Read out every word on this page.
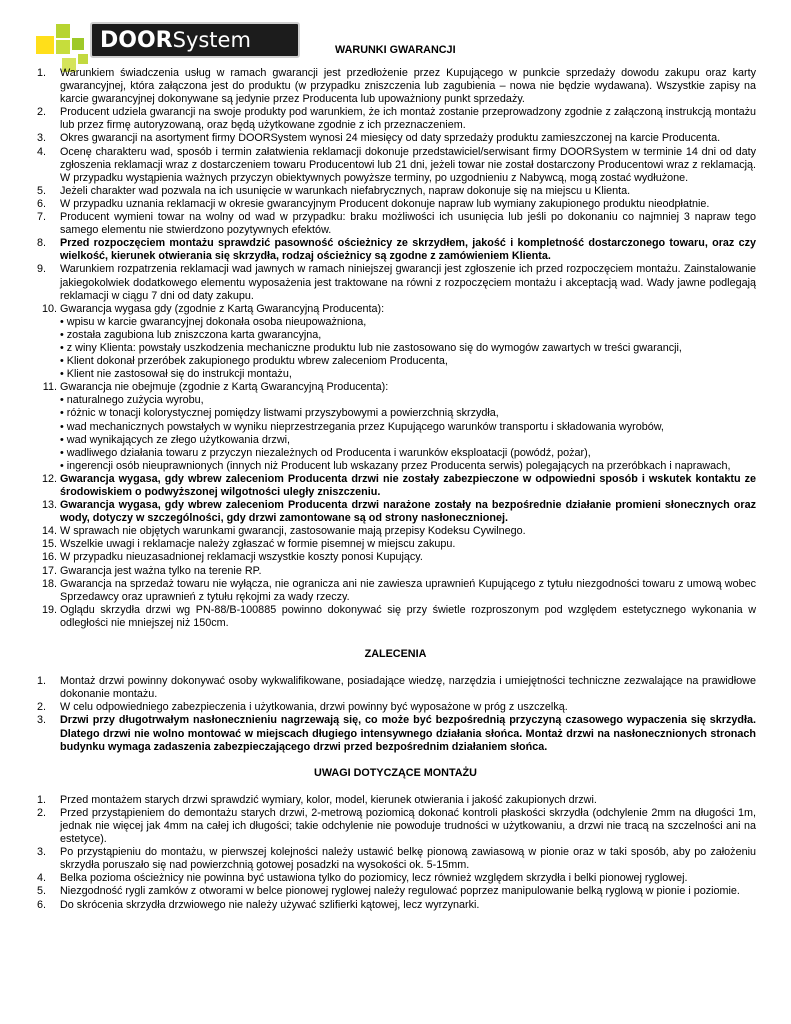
DOOR System	WARUNKI GWARANCJI
1.	Warunkiem świadczenia usług w ramach gwarancji jest przedłożenie przez Kupującego w punkcie sprzedaży dowodu zakupu oraz karty gwarancyjnej, która załączona jest do produktu (w przypadku zniszczenia lub zagubienia – nowa nie będzie wydawana). Wszystkie zapisy na karcie gwarancyjnej dokonywane są jedynie przez Producenta lub upoważniony punkt sprzedaży.
2.	Producent udziela gwarancji na swoje produkty pod warunkiem, że ich montaż zostanie przeprowadzony zgodnie z załączoną instrukcją montażu lub przez firmę autoryzowaną, oraz będą użytkowane zgodnie z ich przeznaczeniem.
3.	Okres gwarancji na asortyment firmy DOORSystem wynosi 24 miesięcy od daty sprzedaży produktu zamieszczonej na karcie Producenta.
4.	Ocenę charakteru wad, sposób i termin załatwienia reklamacji dokonuje przedstawiciel/serwisant firmy DOORSystem w terminie 14 dni od daty zgłoszenia reklamacji wraz z dostarczeniem towaru Producentowi lub 21 dni, jeżeli towar nie został dostarczony Producentowi wraz z reklamacją. W przypadku wystąpienia ważnych przyczyn obiektywnych powyższe terminy, po uzgodnieniu z Nabywcą, mogą zostać wydłużone.
5.	Jeżeli charakter wad pozwala na ich usunięcie w warunkach niefabrycznych, napraw dokonuje się na miejscu u Klienta.
6.	W przypadku uznania reklamacji w okresie gwarancyjnym Producent dokonuje napraw lub wymiany zakupionego produktu nieodpłatnie.
7.	Producent wymieni towar na wolny od wad w przypadku: braku możliwości ich usunięcia lub jeśli po dokonaniu co najmniej 3 napraw tego samego elementu nie stwierdzono pozytywnych efektów.
8.	Przed rozpoczęciem montażu sprawdzić pasowność ościeżnicy ze skrzydłem, jakość i kompletność dostarczonego towaru, oraz czy wielkość, kierunek otwierania się skrzydła, rodzaj ościeżnicy są zgodne z zamówieniem Klienta.
9.	Warunkiem rozpatrzenia reklamacji wad jawnych w ramach niniejszej gwarancji jest zgłoszenie ich przed rozpoczęciem montażu. Zainstalowanie jakiegokolwiek dodatkowego elementu wyposażenia jest traktowane na równi z rozpoczęciem montażu i akceptacją wad. Wady jawne podlegają reklamacji w ciągu 7 dni od daty zakupu.
10. Gwarancja wygasa gdy (zgodnie z Kartą Gwarancyjną Producenta):
• wpisu w karcie gwarancyjnej dokonała osoba nieupoważniona,
• została zagubiona lub zniszczona karta gwarancyjna,
• z winy Klienta: powstały uszkodzenia mechaniczne produktu lub nie zastosowano się do wymogów zawartych w treści gwarancji,
• Klient dokonał przeróbek zakupionego produktu wbrew zaleceniom Producenta,
• Klient nie zastosował się do instrukcji montażu,
11. Gwarancja nie obejmuje (zgodnie z Kartą Gwarancyjną Producenta):
• naturalnego zużycia wyrobu,
• różnic w tonacji kolorystycznej pomiędzy listwami przyszybowymi a powierzchnią skrzydła,
• wad mechanicznych powstałych w wyniku nieprzestrzegania przez Kupującego warunków transportu i składowania wyrobów,
• wad wynikających ze złego użytkowania drzwi,
• wadliwego działania towaru z przyczyn niezależnych od Producenta i warunków eksploatacji (powódź, pożar),
• ingerencji osób nieuprawnionych (innych niż Producent lub wskazany przez Producenta serwis) polegających na przeróbkach i naprawach,
12. Gwarancja wygasa, gdy wbrew zaleceniom Producenta drzwi nie zostały zabezpieczone w odpowiedni sposób i wskutek kontaktu ze środowiskiem o podwyższonej wilgotności uległy zniszczeniu.
13. Gwarancja wygasa, gdy wbrew zaleceniom Producenta drzwi narażone zostały na bezpośrednie działanie promieni słonecznych oraz wody, dotyczy w szczególności, gdy drzwi zamontowane są od strony nasłonecznionej.
14. W sprawach nie objętych warunkami gwarancji, zastosowanie mają przepisy Kodeksu Cywilnego.
15. Wszelkie uwagi i reklamacje należy zgłaszać w formie pisemnej w miejscu zakupu.
16. W przypadku nieuzasadnionej reklamacji wszystkie koszty ponosi Kupujący.
17. Gwarancja jest ważna tylko na terenie RP.
18. Gwarancja na sprzedaż towaru nie wyłącza, nie ogranicza ani nie zawiesza uprawnień Kupującego z tytułu niezgodności towaru z umową wobec Sprzedawcy oraz uprawnień z tytułu rękojmi za wady rzeczy.
19. Oglądu skrzydła drzwi wg PN-88/B-100885 powinno dokonywać się przy świetle rozproszonym pod względem estetycznego wykonania w odległości nie mniejszej niż 150cm.
ZALECENIA
1.	Montaż drzwi powinny dokonywać osoby wykwalifikowane, posiadające wiedzę, narzędzia i umiejętności techniczne zezwalające na prawidłowe dokonanie montażu.
2.	W celu odpowiedniego zabezpieczenia i użytkowania, drzwi powinny być wyposażone w próg z uszczelką.
3.	Drzwi przy długotrwałym nasłonecznieniu nagrzewają się, co może być bezpośrednią przyczyną czasowego wypaczenia się skrzydła. Dlatego drzwi nie wolno montować w miejscach długiego intensywnego działania słońca. Montaż drzwi na nasłonecznionych stronach budynku wymaga zadaszenia zabezpieczającego drzwi przed bezpośrednim działaniem słońca.
UWAGI DOTYCZĄCE MONTAŻU
1.	Przed montażem starych drzwi sprawdzić wymiary, kolor, model, kierunek otwierania i jakość zakupionych drzwi.
2.	Przed przystąpieniem do demontażu starych drzwi, 2-metrową poziomicą dokonać kontroli płaskości skrzydła (odchylenie 2mm na długości 1m, jednak nie więcej jak 4mm na całej ich długości; takie odchylenie nie powoduje trudności w użytkowaniu, a drzwi nie tracą na szczelności ani na estetyce).
3.	Po przystąpieniu do montażu, w pierwszej kolejności należy ustawić belkę pionową zawiasową w pionie oraz w taki sposób, aby po założeniu skrzydła poruszało się nad powierzchnią gotowej posadzki na wysokości ok. 5-15mm.
4.	Belka pozioma ościeżnicy nie powinna być ustawiona tylko do poziomicy, lecz również względem skrzydła i belki pionowej ryglowej.
5.	Niezgodność rygli zamków z otworami w belce pionowej ryglowej należy regulować poprzez manipulowanie belką ryglową w pionie i poziomie.
6.	Do skrócenia skrzydła drzwiowego nie należy używać szlifierki kątowej, lecz wyrzynarki.
